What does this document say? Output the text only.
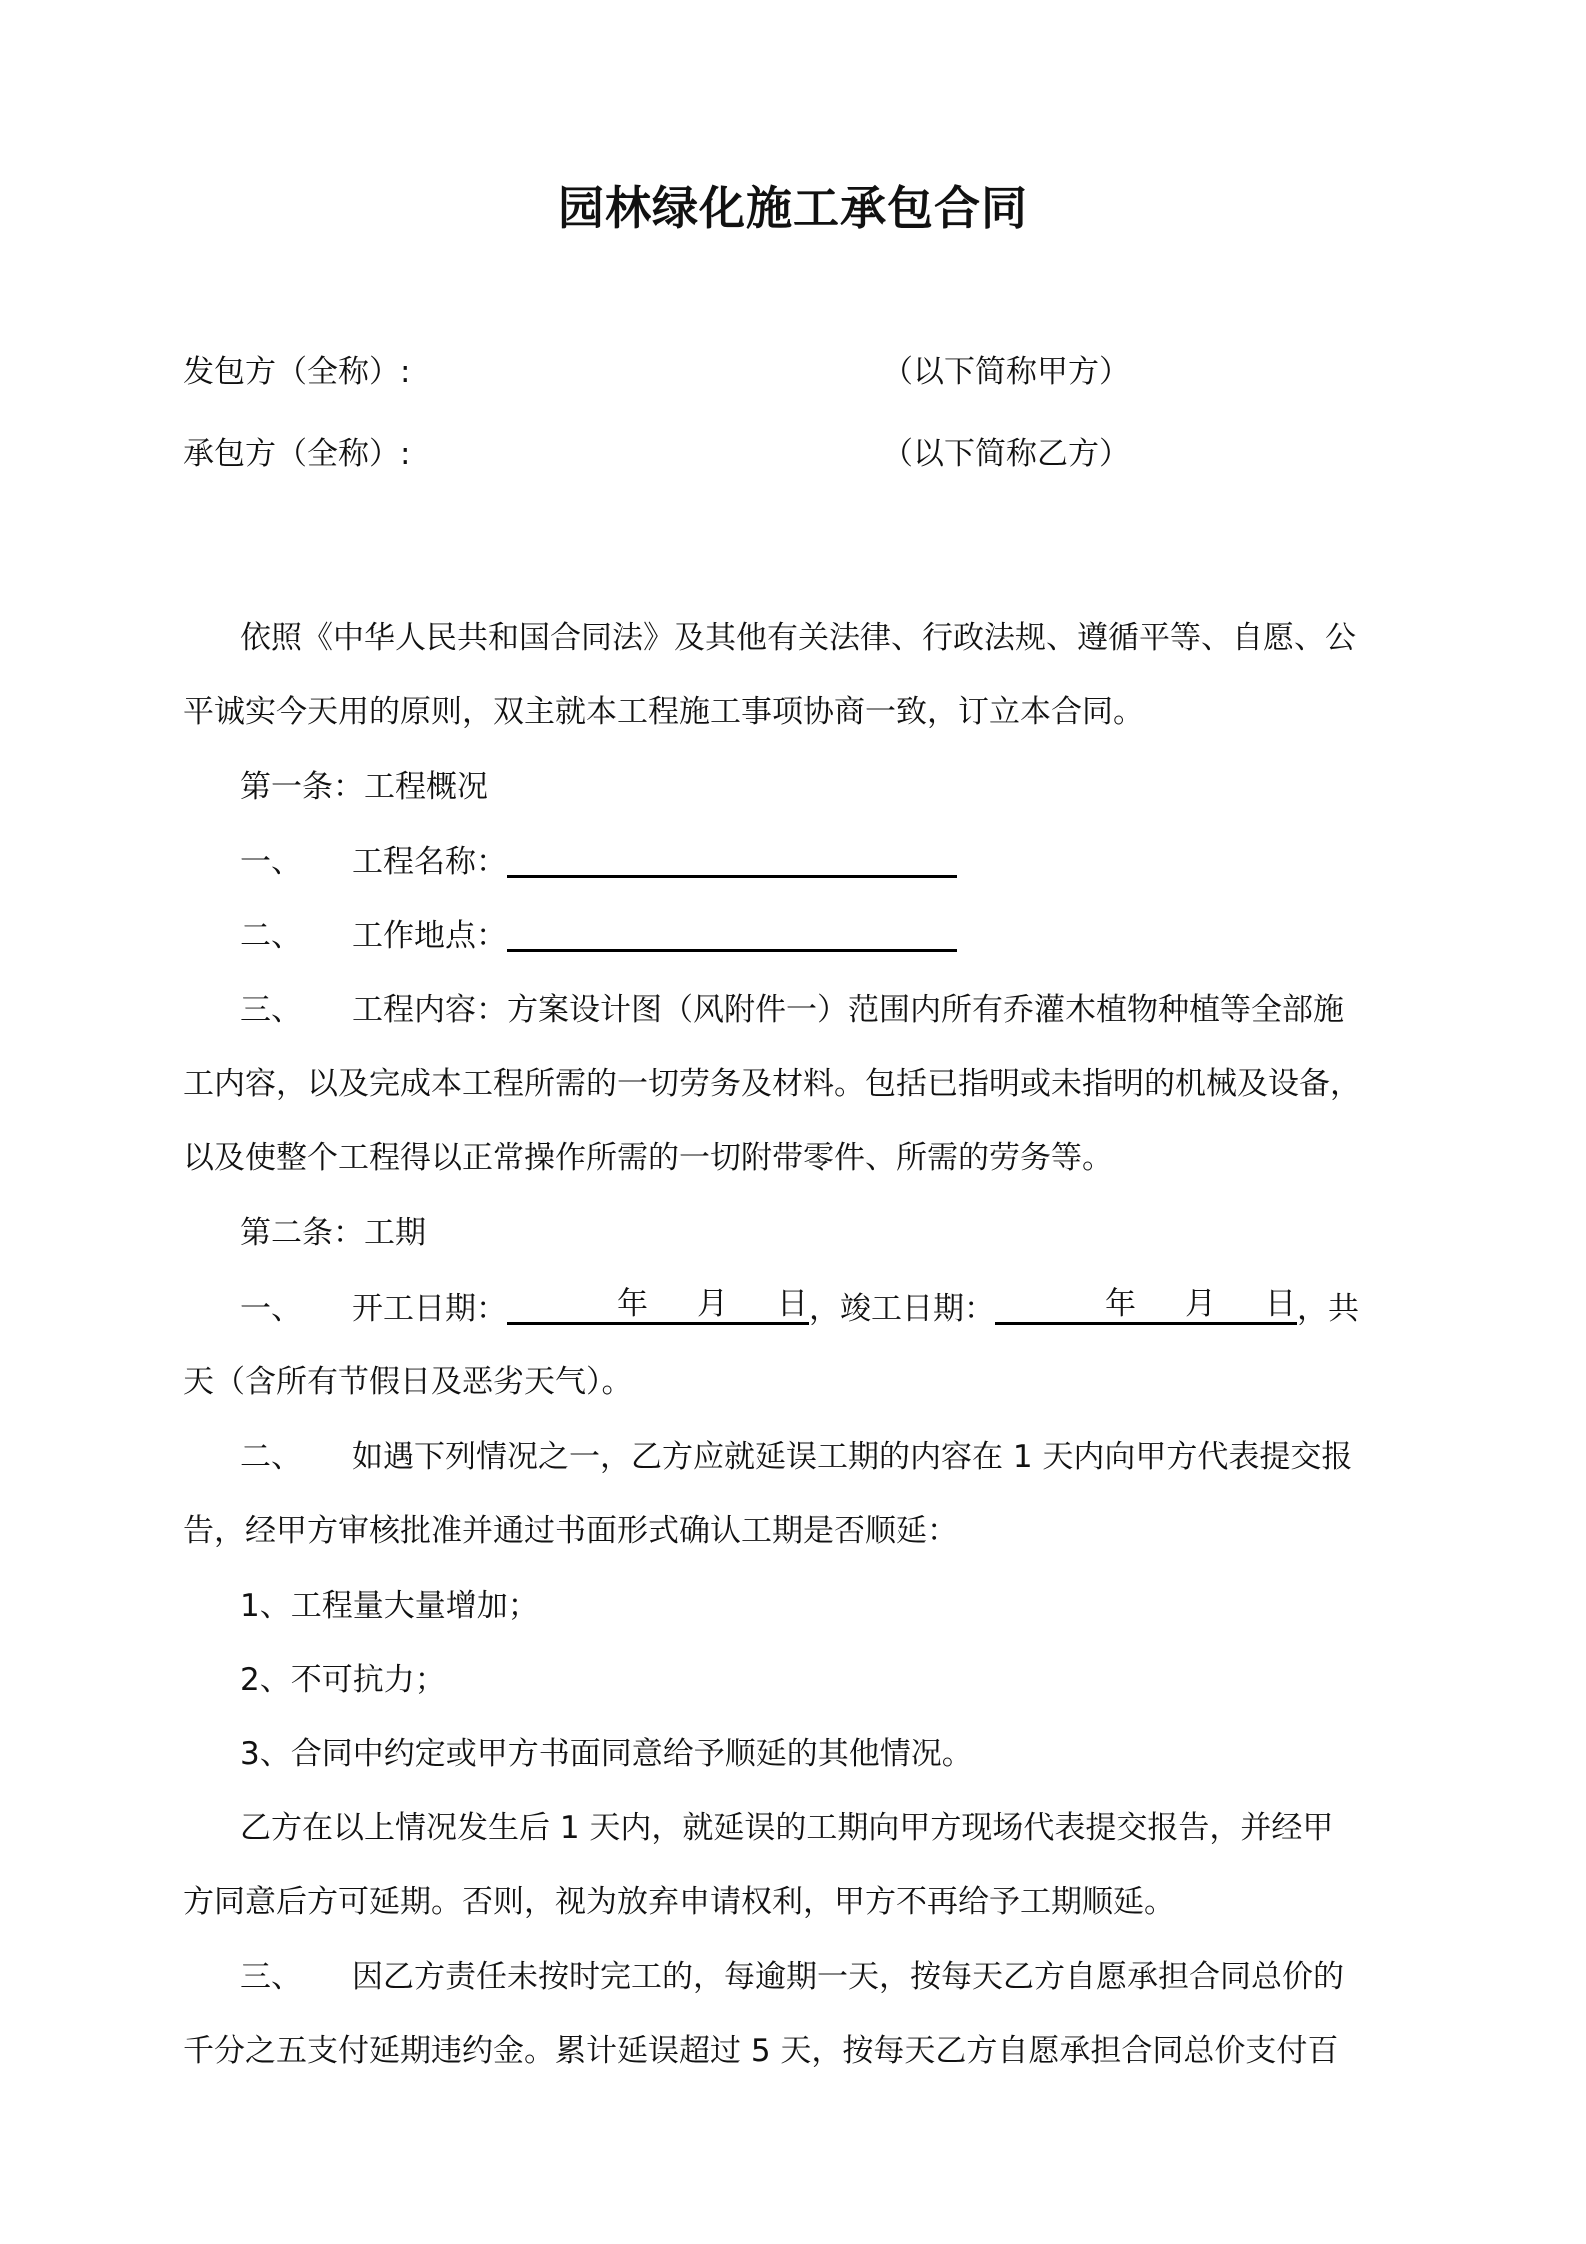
园林绿化施工承包合同
发包方（全称）:	（以下简称甲方）
承包方（全称）:	（以下简称乙方）
依照《中华人民共和国合同法》及其他有关法律、行政法规、遵循平等、自愿、公
平诚实今天用的原则，双主就本工程施工事项协商一致，订立本合同。
第一条：工程概况
一、 工程名称：
二、 工作地点：
三、 工程内容：方案设计图（风附件一）范围内所有乔灌木植物种植等全部施
工内容，以及完成本工程所需的一切劳务及材料。包括已指明或未指明的机械及设备，
以及使整个工程得以正常操作所需的一切附带零件、所需的劳务等。
第二条：工期
一、 开工日期：	年 月 日 ，竣工日期：	年 月 日 ，共
天（含所有节假日及恶劣天气）。
二、 如遇下列情况之一，乙方应就延误工期的内容在 1 天内向甲方代表提交报
告，经甲方审核批准并通过书面形式确认工期是否顺延：
1、工程量大量增加；
2、不可抗力；
3、合同中约定或甲方书面同意给予顺延的其他情况。
乙方在以上情况发生后 1 天内，就延误的工期向甲方现场代表提交报告，并经甲
方同意后方可延期。否则，视为放弃申请权利，甲方不再给予工期顺延。
三、 因乙方责任未按时完工的，每逾期一天，按每天乙方自愿承担合同总价的
千分之五支付延期违约金。累计延误超过 5 天，按每天乙方自愿承担合同总价支付百
